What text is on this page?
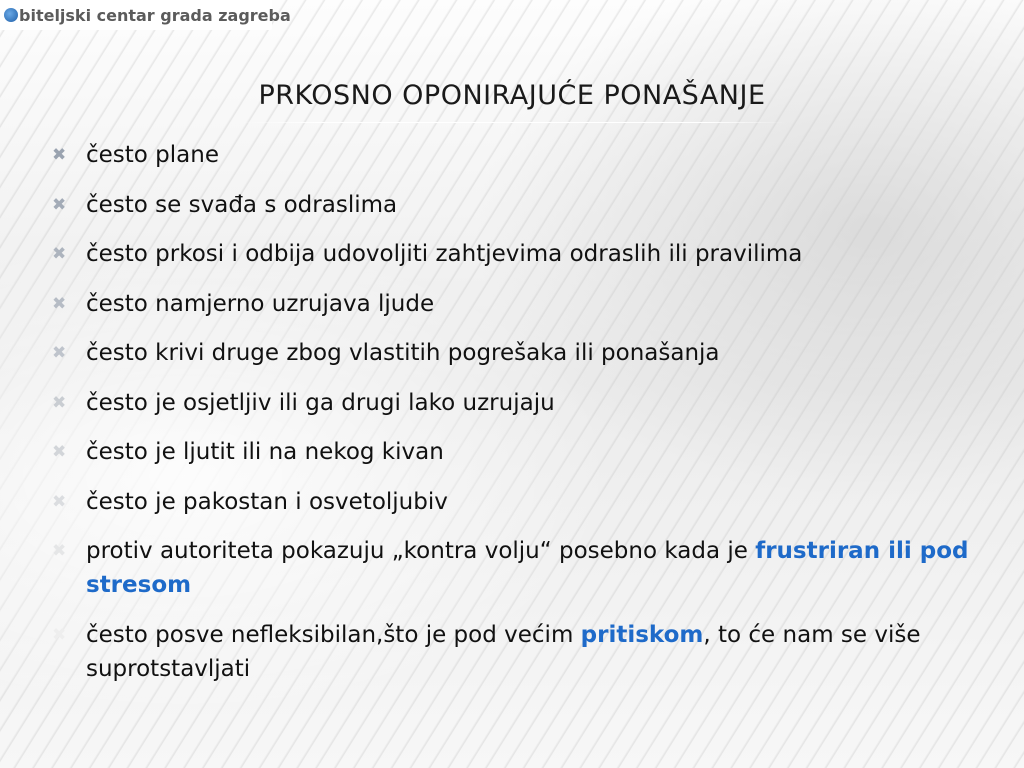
biteljski centar grada zagreba
PRKOSNO OPONIRAJUĆE PONAŠANJE
✖ često plane
✖ često se svađa s odraslima
✖ često prkosi i odbija udovoljiti zahtjevima odraslih ili pravilima
✖ često namjerno uzrujava ljude
✖ često krivi druge zbog vlastitih pogrešaka ili ponašanja
✖ često je osjetljiv ili ga drugi lako uzrujaju
✖ često je ljutit ili na nekog kivan
✖ često je pakostan i osvetoljubiv
✖ protiv autoriteta pokazuju „kontra volju“ posebno kada je frustriran ili pod stresom
✖ često posve nefleksibilan,što je pod većim pritiskom, to će nam se više suprotstavljati
